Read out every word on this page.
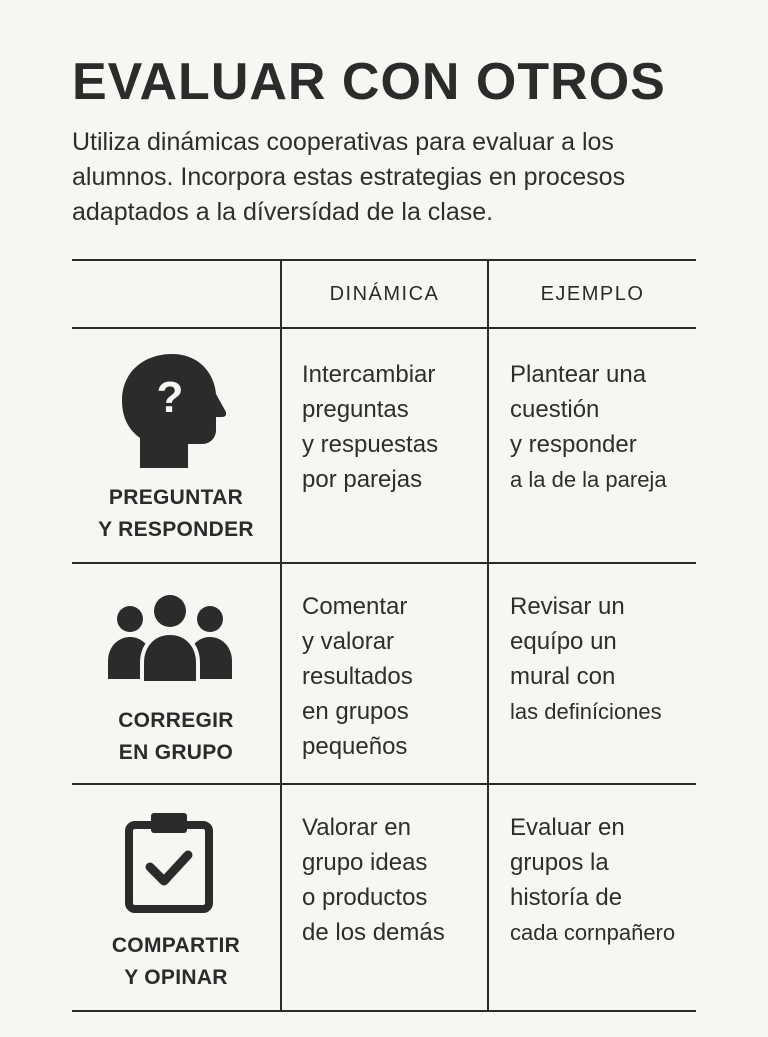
EVALUAR CON OTROS
Utiliza dinámicas cooperativas para evaluar a los
alumnos. Incorpora estas estrategias en procesos
adaptados a la díversídad de la clase.
DINÁMICA	EJEMPLO
?
PREGUNTAR
Y RESPONDER
Intercambiar
preguntas
y respuestas
por parejas
Plantear una
cuestión
y responder
a la de la pareja
CORREGIR
EN GRUPO
Comentar
y valorar
resultados
en grupos
pequeños
Revisar un
equípo un
mural con
las definíciones
COMPARTIR
Y OPINAR
Valorar en
grupo ideas
o productos
de los demás
Evaluar en
grupos la
historía de
cada cornpañero
